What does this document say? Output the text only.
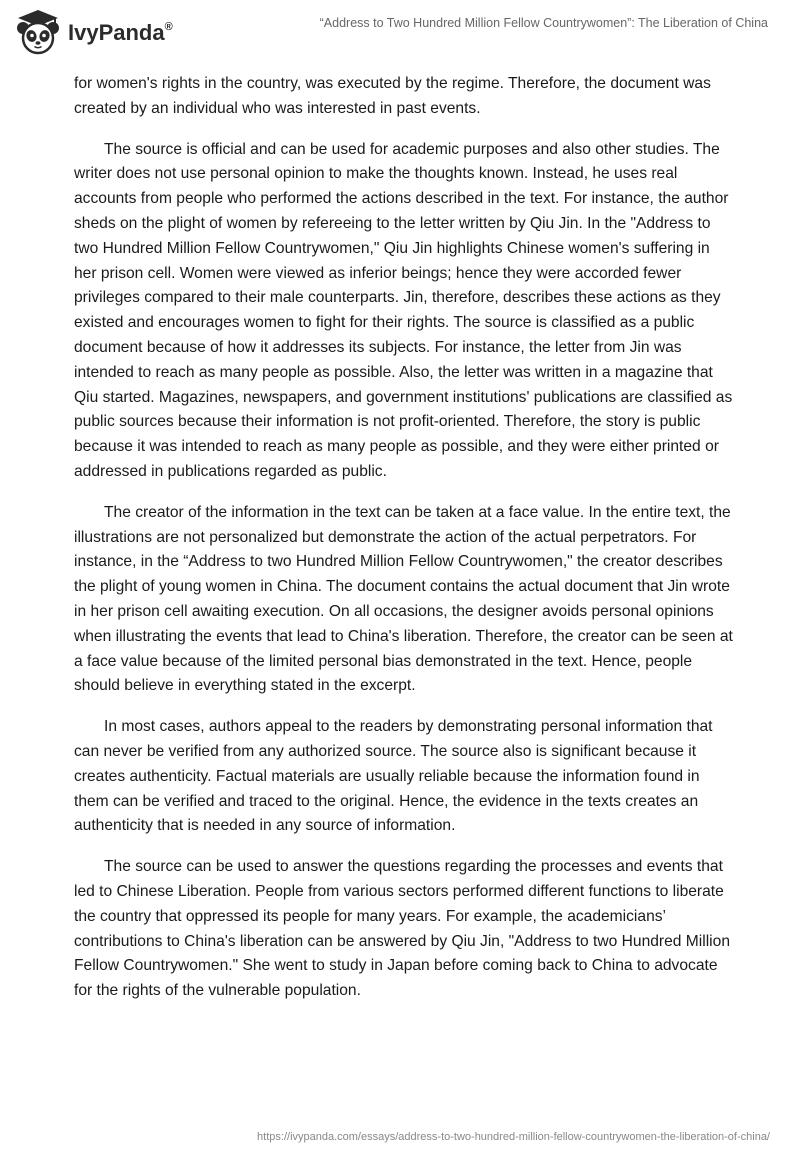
IvyPanda®	“Address to Two Hundred Million Fellow Countrywomen”: The Liberation of China

for women's rights in the country, was executed by the regime. Therefore, the document was created by an individual who was interested in past events.

The source is official and can be used for academic purposes and also other studies. The writer does not use personal opinion to make the thoughts known. Instead, he uses real accounts from people who performed the actions described in the text. For instance, the author sheds on the plight of women by refereeing to the letter written by Qiu Jin. In the "Address to two Hundred Million Fellow Countrywomen," Qiu Jin highlights Chinese women's suffering in her prison cell. Women were viewed as inferior beings; hence they were accorded fewer privileges compared to their male counterparts. Jin, therefore, describes these actions as they existed and encourages women to fight for their rights. The source is classified as a public document because of how it addresses its subjects. For instance, the letter from Jin was intended to reach as many people as possible. Also, the letter was written in a magazine that Qiu started. Magazines, newspapers, and government institutions' publications are classified as public sources because their information is not profit-oriented. Therefore, the story is public because it was intended to reach as many people as possible, and they were either printed or addressed in publications regarded as public.

The creator of the information in the text can be taken at a face value. In the entire text, the illustrations are not personalized but demonstrate the action of the actual perpetrators. For instance, in the “Address to two Hundred Million Fellow Countrywomen," the creator describes the plight of young women in China. The document contains the actual document that Jin wrote in her prison cell awaiting execution. On all occasions, the designer avoids personal opinions when illustrating the events that lead to China's liberation. Therefore, the creator can be seen at a face value because of the limited personal bias demonstrated in the text. Hence, people should believe in everything stated in the excerpt.

In most cases, authors appeal to the readers by demonstrating personal information that can never be verified from any authorized source. The source also is significant because it creates authenticity. Factual materials are usually reliable because the information found in them can be verified and traced to the original. Hence, the evidence in the texts creates an authenticity that is needed in any source of information.

The source can be used to answer the questions regarding the processes and events that led to Chinese Liberation. People from various sectors performed different functions to liberate the country that oppressed its people for many years. For example, the academicians’ contributions to China's liberation can be answered by Qiu Jin, "Address to two Hundred Million Fellow Countrywomen." She went to study in Japan before coming back to China to advocate for the rights of the vulnerable population.

https://ivypanda.com/essays/address-to-two-hundred-million-fellow-countrywomen-the-liberation-of-china/
